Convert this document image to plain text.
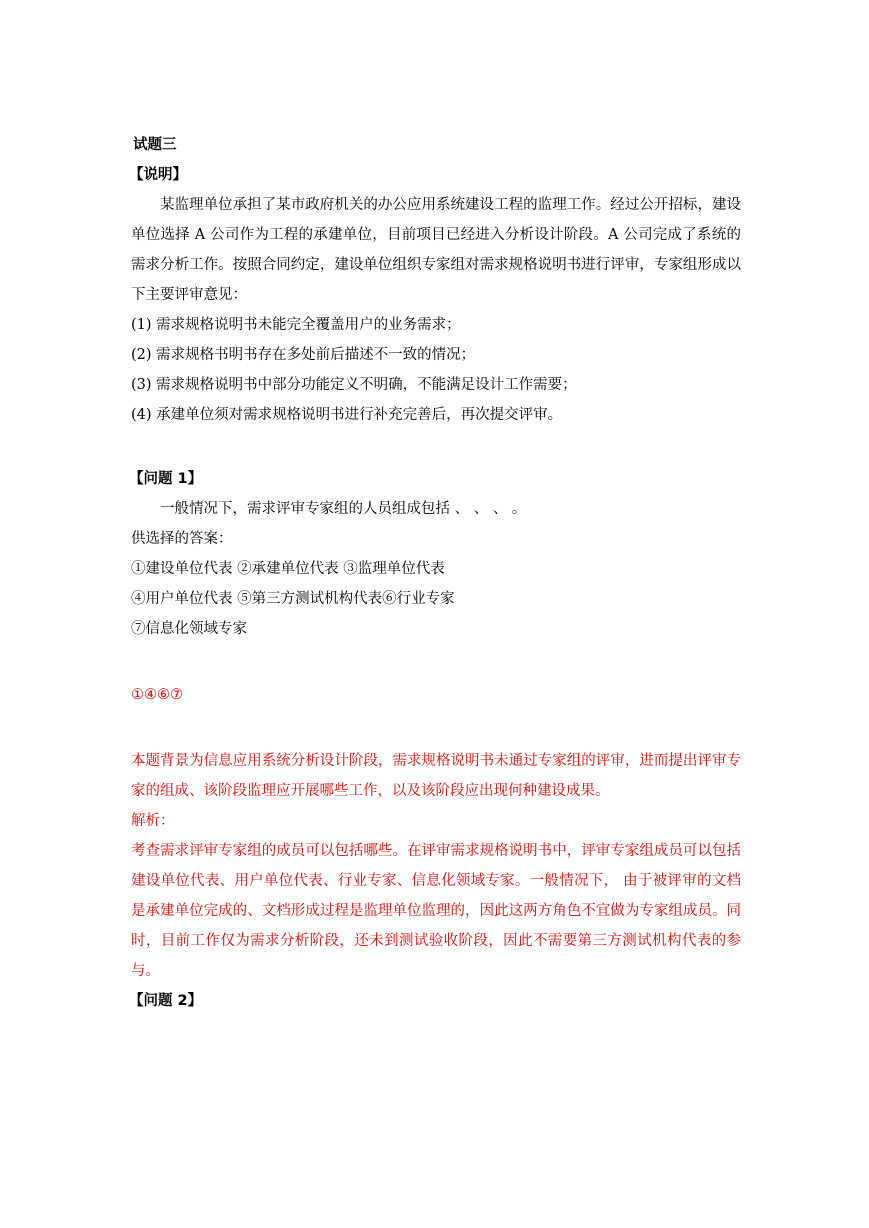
试题三
【说明】

某监理单位承担了某市政府机关的办公应用系统建设工程的监理工作。经过公开招标，建设单位选择 A 公司作为工程的承建单位，目前项目已经进入分析设计阶段。A 公司完成了系统的需求分析工作。按照合同约定，建设单位组织专家组对需求规格说明书进行评审，专家组形成以下主要评审意见：

(1) 需求规格说明书未能完全覆盖用户的业务需求；
(2) 需求规格书明书存在多处前后描述不一致的情况；
(3) 需求规格说明书中部分功能定义不明确，不能满足设计工作需要；
(4) 承建单位须对需求规格说明书进行补充完善后，再次提交评审。
【问题 1】

一般情况下，需求评审专家组的人员组成包括 、 、 、 。

供选择的答案：
①建设单位代表 ②承建单位代表 ③监理单位代表
④用户单位代表 ⑤第三方测试机构代表⑥行业专家
⑦信息化领域专家
①④⑥⑦

本题背景为信息应用系统分析设计阶段，需求规格说明书未通过专家组的评审，进而提出评审专家的组成、该阶段监理应开展哪些工作，以及该阶段应出现何种建设成果。

解析：

考查需求评审专家组的成员可以包括哪些。在评审需求规格说明书中，评审专家组成员可以包括建设单位代表、用户单位代表、行业专家、信息化领域专家。一般情况下， 由于被评审的文档是承建单位完成的、文档形成过程是监理单位监理的，因此这两方角色不宜做为专家组成员。同时，目前工作仅为需求分析阶段，还未到测试验收阶段，因此不需要第三方测试机构代表的参与。

【问题 2】
